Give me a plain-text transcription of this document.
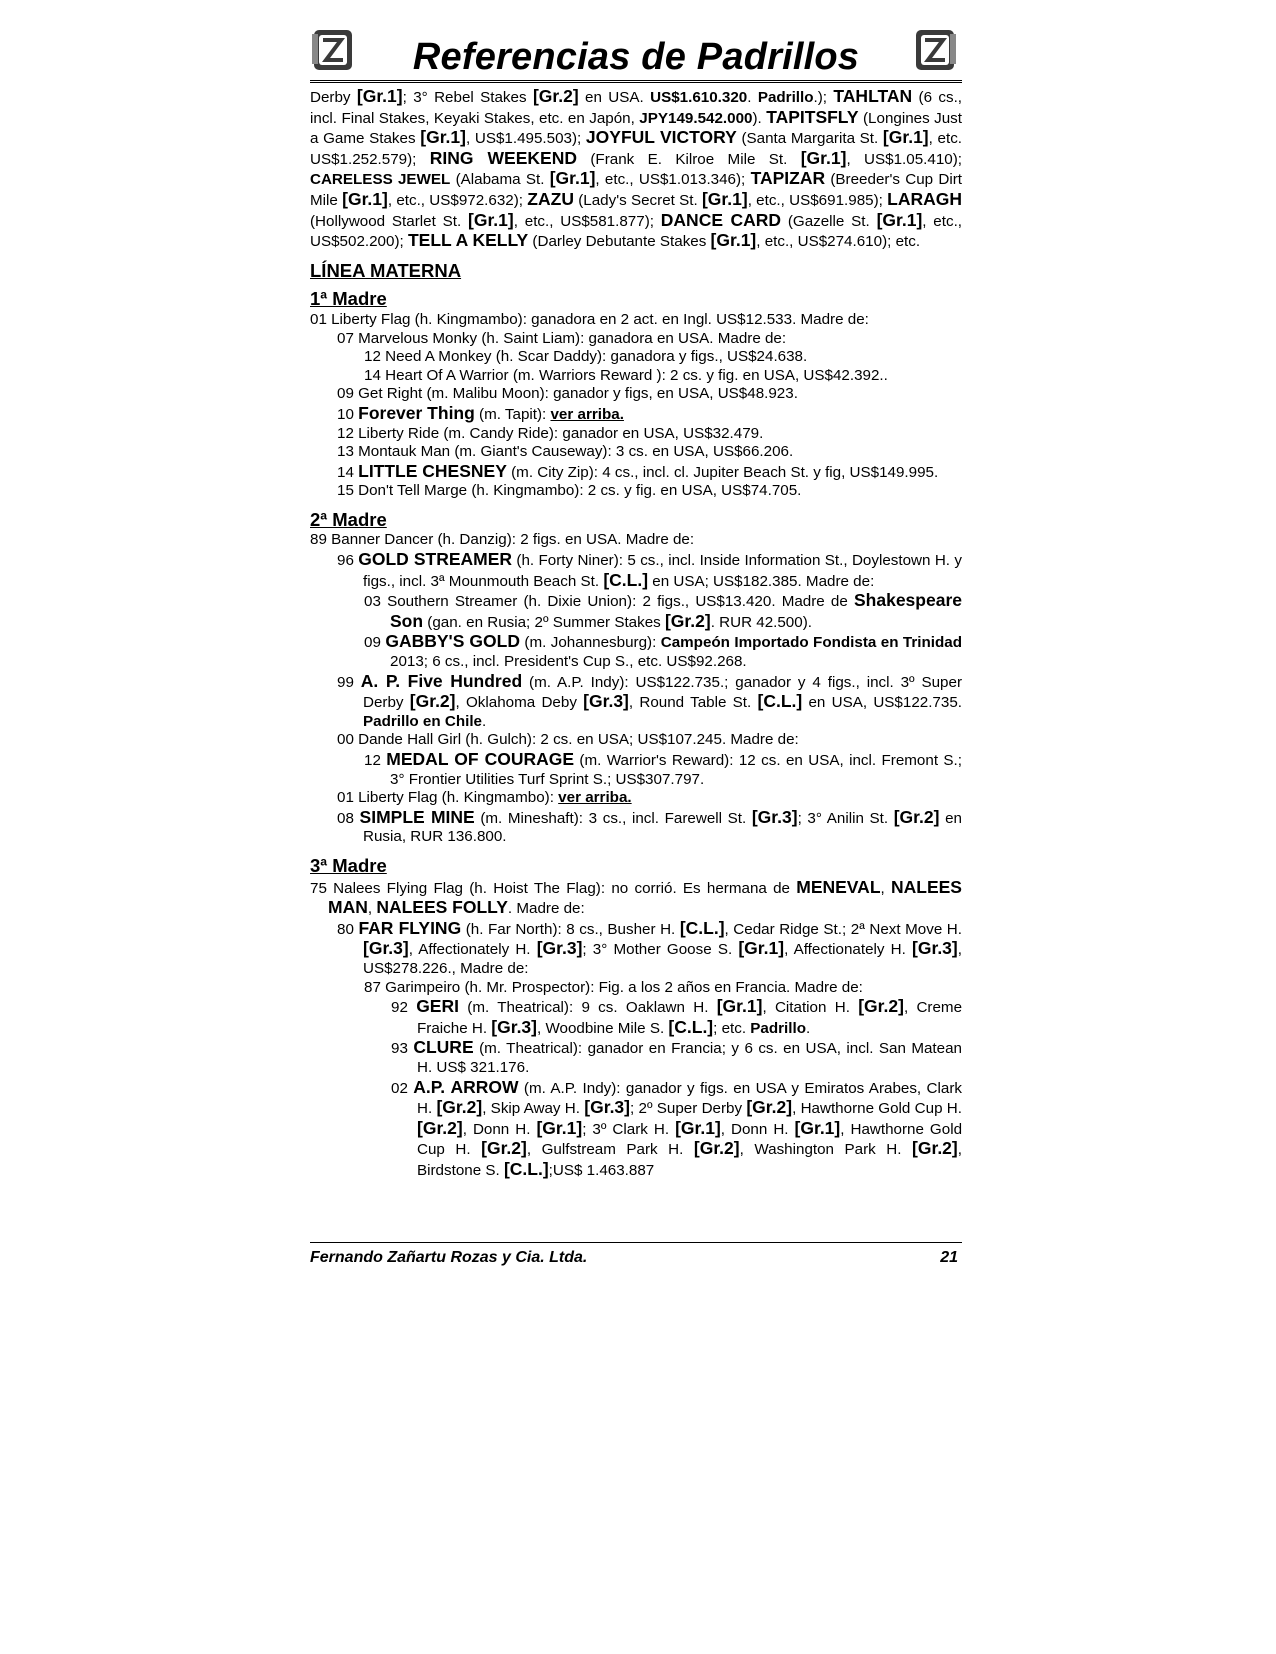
Referencias de Padrillos

Derby [Gr.1]; 3° Rebel Stakes [Gr.2] en USA. US$1.610.320. Padrillo.); TAHLTAN (6 cs., incl. Final Stakes, Keyaki Stakes, etc. en Japón, JPY149.542.000). TAPITSFLY (Longines Just a Game Stakes [Gr.1], US$1.495.503); JOYFUL VICTORY (Santa Margarita St. [Gr.1], etc. US$1.252.579); RING WEEKEND (Frank E. Kilroe Mile St. [Gr.1], US$1.05.410); CARELESS JEWEL (Alabama St. [Gr.1], etc., US$1.013.346); TAPIZAR (Breeder's Cup Dirt Mile [Gr.1], etc., US$972.632); ZAZU (Lady's Secret St. [Gr.1], etc., US$691.985); LARAGH (Hollywood Starlet St. [Gr.1], etc., US$581.877); DANCE CARD (Gazelle St. [Gr.1], etc., US$502.200); TELL A KELLY (Darley Debutante Stakes [Gr.1], etc., US$274.610); etc.

LÍNEA MATERNA
1ª Madre

01 Liberty Flag (h. Kingmambo): ganadora en 2 act. en Ingl. US$12.533. Madre de:

07 Marvelous Monky (h. Saint Liam): ganadora en USA. Madre de:

12 Need A Monkey (h. Scar Daddy): ganadora y figs., US$24.638.

14 Heart Of A Warrior (m. Warriors Reward ): 2 cs. y fig. en USA, US$42.392..

09 Get Right (m. Malibu Moon): ganador y figs, en USA, US$48.923.

10 Forever Thing (m. Tapit): ver arriba.

12 Liberty Ride (m. Candy Ride): ganador en USA, US$32.479.

13 Montauk Man (m. Giant's Causeway): 3 cs. en USA, US$66.206.

14 LITTLE CHESNEY (m. City Zip): 4 cs., incl. cl. Jupiter Beach St. y fig, US$149.995.

15 Don't Tell Marge (h. Kingmambo): 2 cs. y fig. en USA, US$74.705.

2ª Madre

89 Banner Dancer (h. Danzig): 2 figs. en USA. Madre de:

96 GOLD STREAMER (h. Forty Niner): 5 cs., incl. Inside Information St., Doylestown H. y figs., incl. 3ª Mounmouth Beach St. [C.L.] en USA; US$182.385. Madre de:

03 Southern Streamer (h. Dixie Union): 2 figs., US$13.420. Madre de Shakespeare Son (gan. en Rusia; 2º Summer Stakes [Gr.2]. RUR 42.500).

09 GABBY'S GOLD (m. Johannesburg): Campeón Importado Fondista en Trinidad 2013; 6 cs., incl. President's Cup S., etc. US$92.268.

99 A. P. Five Hundred (m. A.P. Indy): US$122.735.; ganador y 4 figs., incl. 3º Super Derby [Gr.2], Oklahoma Deby [Gr.3], Round Table St. [C.L.] en USA, US$122.735. Padrillo en Chile.

00 Dande Hall Girl (h. Gulch): 2 cs. en USA; US$107.245. Madre de:

12 MEDAL OF COURAGE (m. Warrior's Reward): 12 cs. en USA, incl. Fremont S.; 3° Frontier Utilities Turf Sprint S.; US$307.797.

01 Liberty Flag (h. Kingmambo): ver arriba.

08 SIMPLE MINE (m. Mineshaft): 3 cs., incl. Farewell St. [Gr.3]; 3° Anilin St. [Gr.2] en Rusia, RUR 136.800.

3ª Madre

75 Nalees Flying Flag (h. Hoist The Flag): no corrió. Es hermana de MENEVAL, NALEES MAN, NALEES FOLLY. Madre de:

80 FAR FLYING (h. Far North): 8 cs., Busher H. [C.L.], Cedar Ridge St.; 2ª Next Move H. [Gr.3], Affectionately H. [Gr.3]; 3° Mother Goose S. [Gr.1], Affectionately H. [Gr.3], US$278.226., Madre de:

87 Garimpeiro (h. Mr. Prospector): Fig. a los 2 años en Francia. Madre de:

92 GERI (m. Theatrical): 9 cs. Oaklawn H. [Gr.1], Citation H. [Gr.2], Creme Fraiche H. [Gr.3], Woodbine Mile S. [C.L.]; etc. Padrillo.

93 CLURE (m. Theatrical): ganador en Francia; y 6 cs. en USA, incl. San Matean H. US$ 321.176.

02 A.P. ARROW (m. A.P. Indy): ganador y figs. en USA y Emiratos Arabes, Clark H. [Gr.2], Skip Away H. [Gr.3]; 2º Super Derby [Gr.2], Hawthorne Gold Cup H. [Gr.2], Donn H. [Gr.1]; 3º Clark H. [Gr.1], Donn H. [Gr.1], Hawthorne Gold Cup H. [Gr.2], Gulfstream Park H. [Gr.2], Washington Park H. [Gr.2], Birdstone S. [C.L.];US$ 1.463.887

Fernando Zañartu Rozas y Cia. Ltda.	21
